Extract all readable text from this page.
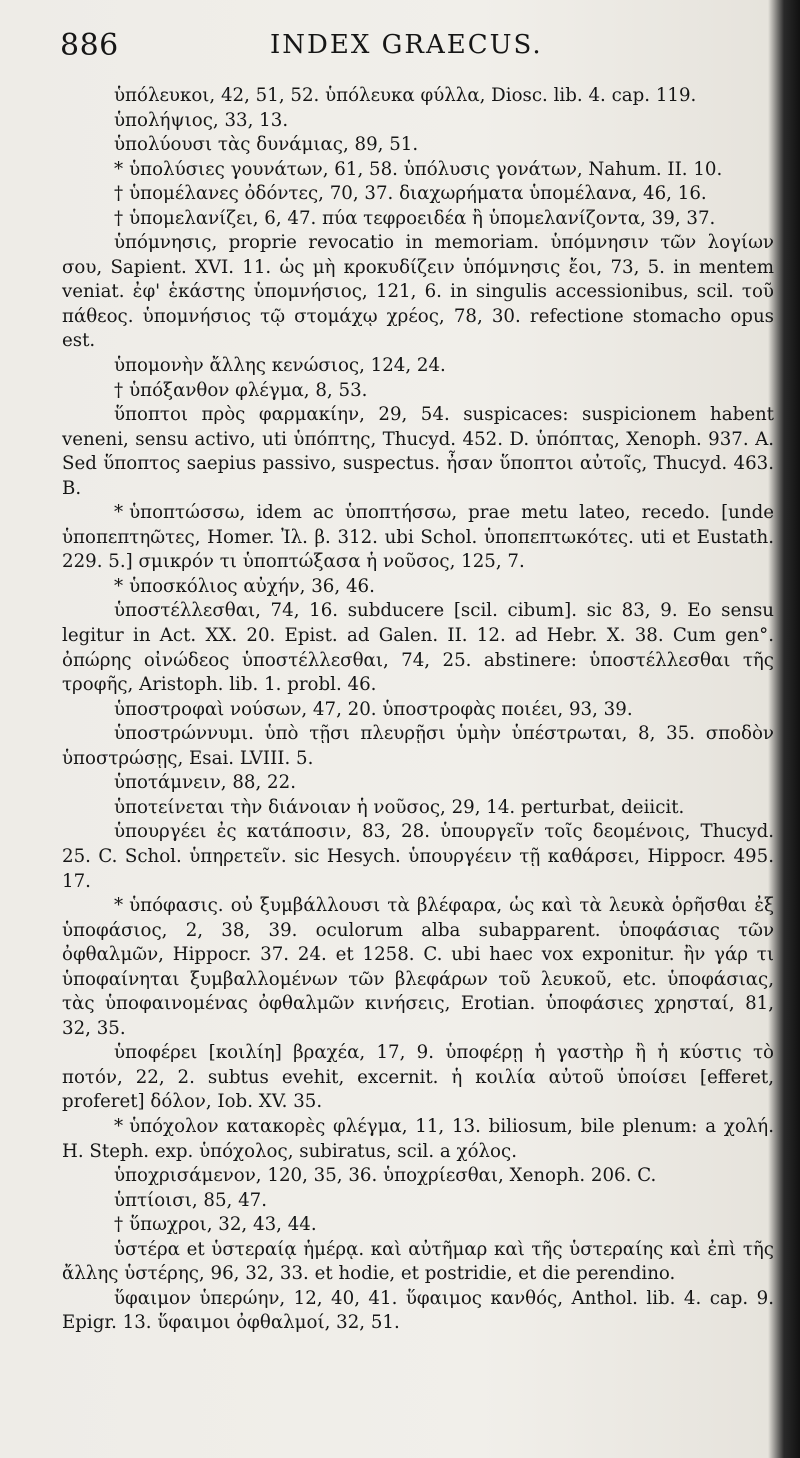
886	INDEX GRAECUS.

ὑπόλευκοι, 42, 51, 52. ὑπόλευκα φύλλα, Diosc. lib. 4. cap. 119.

ὑπολήψιος, 33, 13.

ὑπολύουσι τὰς δυνάμιας, 89, 51.

* ὑπολύσιες γουνάτων, 61, 58. ὑπόλυσις γονάτων, Nahum. II. 10.

† ὑπομέλανες ὀδόντες, 70, 37. διαχωρήματα ὑπομέλανα, 46, 16.

† ὑπομελανίζει, 6, 47. πύα τεφροειδέα ἢ ὑπομελανίζοντα, 39, 37.

ὑπόμνησις, proprie revocatio in memoriam. ὑπόμνησιν τῶν λογίων σου, Sapient. XVI. 11. ὡς μὴ κροκυδίζειν ὑπόμνησις ἔοι, 73, 5. in mentem veniat. ἐφ' ἑκάστης ὑπομνήσιος, 121, 6. in singulis accessionibus, scil. τοῦ πάθεος. ὑπομνήσιος τῷ στομάχῳ χρέος, 78, 30. refectione stomacho opus est.

ὑπομονὴν ἄλλης κενώσιος, 124, 24.

† ὑπόξανθον φλέγμα, 8, 53.

ὕποπτοι πρὸς φαρμακίην, 29, 54. suspicaces: suspicionem habent veneni, sensu activo, uti ὑπόπτης, Thucyd. 452. D. ὑπόπτας, Xenoph. 937. A. Sed ὕποπτος saepius passivo, suspectus. ἦσαν ὕποπτοι αὐτοῖς, Thucyd. 463. B.

* ὑποπτώσσω, idem ac ὑποπτήσσω, prae metu lateo, recedo. [unde ὑποπεπτηῶτες, Homer. Ἰλ. β. 312. ubi Schol. ὑποπεπτωκότες. uti et Eustath. 229. 5.] σμικρόν τι ὑποπτώξασα ἡ νοῦσος, 125, 7.

* ὑποσκόλιος αὐχήν, 36, 46.

ὑποστέλλεσθαι, 74, 16. subducere [scil. cibum]. sic 83, 9. Eo sensu legitur in Act. XX. 20. Epist. ad Galen. II. 12. ad Hebr. X. 38. Cum gen°. ὀπώρης οἰνώδεος ὑποστέλλεσθαι, 74, 25. abstinere: ὑποστέλλεσθαι τῆς τροφῆς, Aristoph. lib. 1. probl. 46.

ὑποστροφαὶ νούσων, 47, 20. ὑποστροφὰς ποιέει, 93, 39.

ὑποστρώννυμι. ὑπὸ τῇσι πλευρῇσι ὑμὴν ὑπέστρωται, 8, 35. σποδὸν ὑποστρώσῃς, Esai. LVIII. 5.

ὑποτάμνειν, 88, 22.

ὑποτείνεται τὴν διάνοιαν ἡ νοῦσος, 29, 14. perturbat, deiicit.

ὑπουργέει ἐς κατάποσιν, 83, 28. ὑπουργεῖν τοῖς δεομένοις, Thucyd. 25. C. Schol. ὑπηρετεῖν. sic Hesych. ὑπουργέειν τῇ καθάρσει, Hippocr. 495. 17.

* ὑπόφασις. οὐ ξυμβάλλουσι τὰ βλέφαρα, ὡς καὶ τὰ λευκὰ ὁρῆσθαι ἐξ ὑποφάσιος, 2, 38, 39. oculorum alba subapparent. ὑποφάσιας τῶν ὀφθαλμῶν, Hippocr. 37. 24. et 1258. C. ubi haec vox exponitur. ἢν γάρ τι ὑποφαίνηται ξυμβαλλομένων τῶν βλεφάρων τοῦ λευκοῦ, etc. ὑποφάσιας, τὰς ὑποφαινομένας ὀφθαλμῶν κινήσεις, Erotian. ὑποφάσιες χρησταί, 81, 32, 35.

ὑποφέρει [κοιλίη] βραχέα, 17, 9. ὑποφέρῃ ἡ γαστὴρ ἢ ἡ κύστις τὸ ποτόν, 22, 2. subtus evehit, excernit. ἡ κοιλία αὐτοῦ ὑποίσει [efferet, proferet] δόλον, Iob. XV. 35.

* ὑπόχολον κατακορὲς φλέγμα, 11, 13. biliosum, bile plenum: a χολή. H. Steph. exp. ὑπόχολος, subiratus, scil. a χόλος.

ὑποχρισάμενον, 120, 35, 36. ὑποχρίεσθαι, Xenoph. 206. C.

ὑπτίοισι, 85, 47.

† ὕπωχροι, 32, 43, 44.

ὑστέρα et ὑστεραίᾳ ἡμέρᾳ. καὶ αὐτῆμαρ καὶ τῆς ὑστεραίης καὶ ἐπὶ τῆς ἄλλης ὑστέρης, 96, 32, 33. et hodie, et postridie, et die perendino.

ὕφαιμον ὑπερώην, 12, 40, 41. ὕφαιμος κανθός, Anthol. lib. 4. cap. 9. Epigr. 13. ὕφαιμοι ὀφθαλμοί, 32, 51.
